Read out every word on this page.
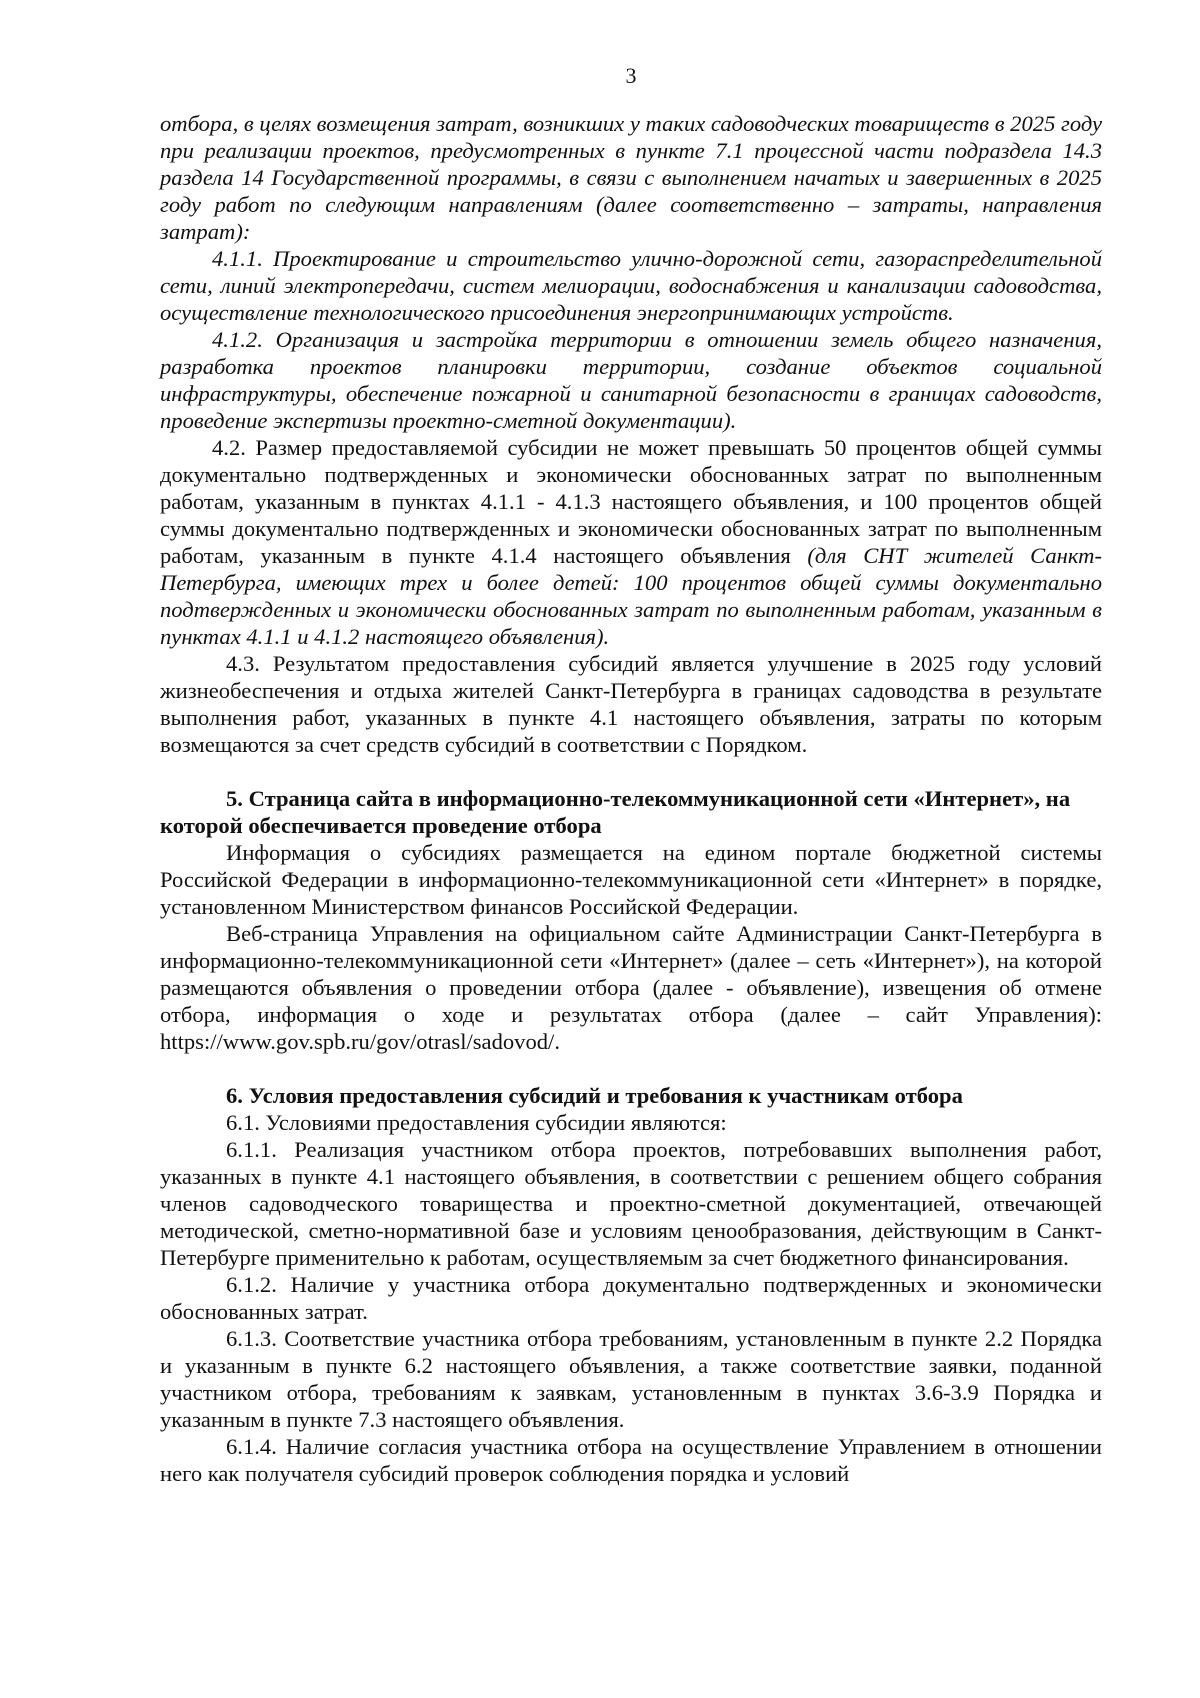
3

отбора, в целях возмещения затрат, возникших у таких садоводческих товариществ в 2025 году при реализации проектов, предусмотренных в пункте 7.1 процессной части подраздела 14.3 раздела 14 Государственной программы, в связи с выполнением начатых и завершенных в 2025 году работ по следующим направлениям (далее соответственно – затраты, направления затрат):

4.1.1. Проектирование и строительство улично-дорожной сети, газораспределительной сети, линий электропередачи, систем мелиорации, водоснабжения и канализации садоводства, осуществление технологического присоединения энергопринимающих устройств.

4.1.2. Организация и застройка территории в отношении земель общего назначения, разработка проектов планировки территории, создание объектов социальной инфраструктуры, обеспечение пожарной и санитарной безопасности в границах садоводств, проведение экспертизы проектно-сметной документации).

4.2. Размер предоставляемой субсидии не может превышать 50 процентов общей суммы документально подтвержденных и экономически обоснованных затрат по выполненным работам, указанным в пунктах 4.1.1 - 4.1.3 настоящего объявления, и 100 процентов общей суммы документально подтвержденных и экономически обоснованных затрат по выполненным работам, указанным в пункте 4.1.4 настоящего объявления (для СНТ жителей Санкт-Петербурга, имеющих трех и более детей: 100 процентов общей суммы документально подтвержденных и экономически обоснованных затрат по выполненным работам, указанным в пунктах 4.1.1 и 4.1.2 настоящего объявления).

4.3. Результатом предоставления субсидий является улучшение в 2025 году условий жизнеобеспечения и отдыха жителей Санкт-Петербурга в границах садоводства в результате выполнения работ, указанных в пункте 4.1 настоящего объявления, затраты по которым возмещаются за счет средств субсидий в соответствии с Порядком.

5. Страница сайта в информационно-телекоммуникационной сети «Интернет», на которой обеспечивается проведение отбора

Информация о субсидиях размещается на едином портале бюджетной системы Российской Федерации в информационно-телекоммуникационной сети «Интернет» в порядке, установленном Министерством финансов Российской Федерации.

Веб-страница Управления на официальном сайте Администрации Санкт-Петербурга в информационно-телекоммуникационной сети «Интернет» (далее – сеть «Интернет»), на которой размещаются объявления о проведении отбора (далее - объявление), извещения об отмене отбора, информация о ходе и результатах отбора (далее – сайт Управления): https://www.gov.spb.ru/gov/otrasl/sadovod/.

6. Условия предоставления субсидий и требования к участникам отбора

6.1. Условиями предоставления субсидии являются:

6.1.1. Реализация участником отбора проектов, потребовавших выполнения работ, указанных в пункте 4.1 настоящего объявления, в соответствии с решением общего собрания членов садоводческого товарищества и проектно-сметной документацией, отвечающей методической, сметно-нормативной базе и условиям ценообразования, действующим в Санкт-Петербурге применительно к работам, осуществляемым за счет бюджетного финансирования.

6.1.2. Наличие у участника отбора документально подтвержденных и экономически обоснованных затрат.

6.1.3. Соответствие участника отбора требованиям, установленным в пункте 2.2 Порядка и указанным в пункте 6.2 настоящего объявления, а также соответствие заявки, поданной участником отбора, требованиям к заявкам, установленным в пунктах 3.6-3.9 Порядка и указанным в пункте 7.3 настоящего объявления.

6.1.4. Наличие согласия участника отбора на осуществление Управлением в отношении него как получателя субсидий проверок соблюдения порядка и условий
